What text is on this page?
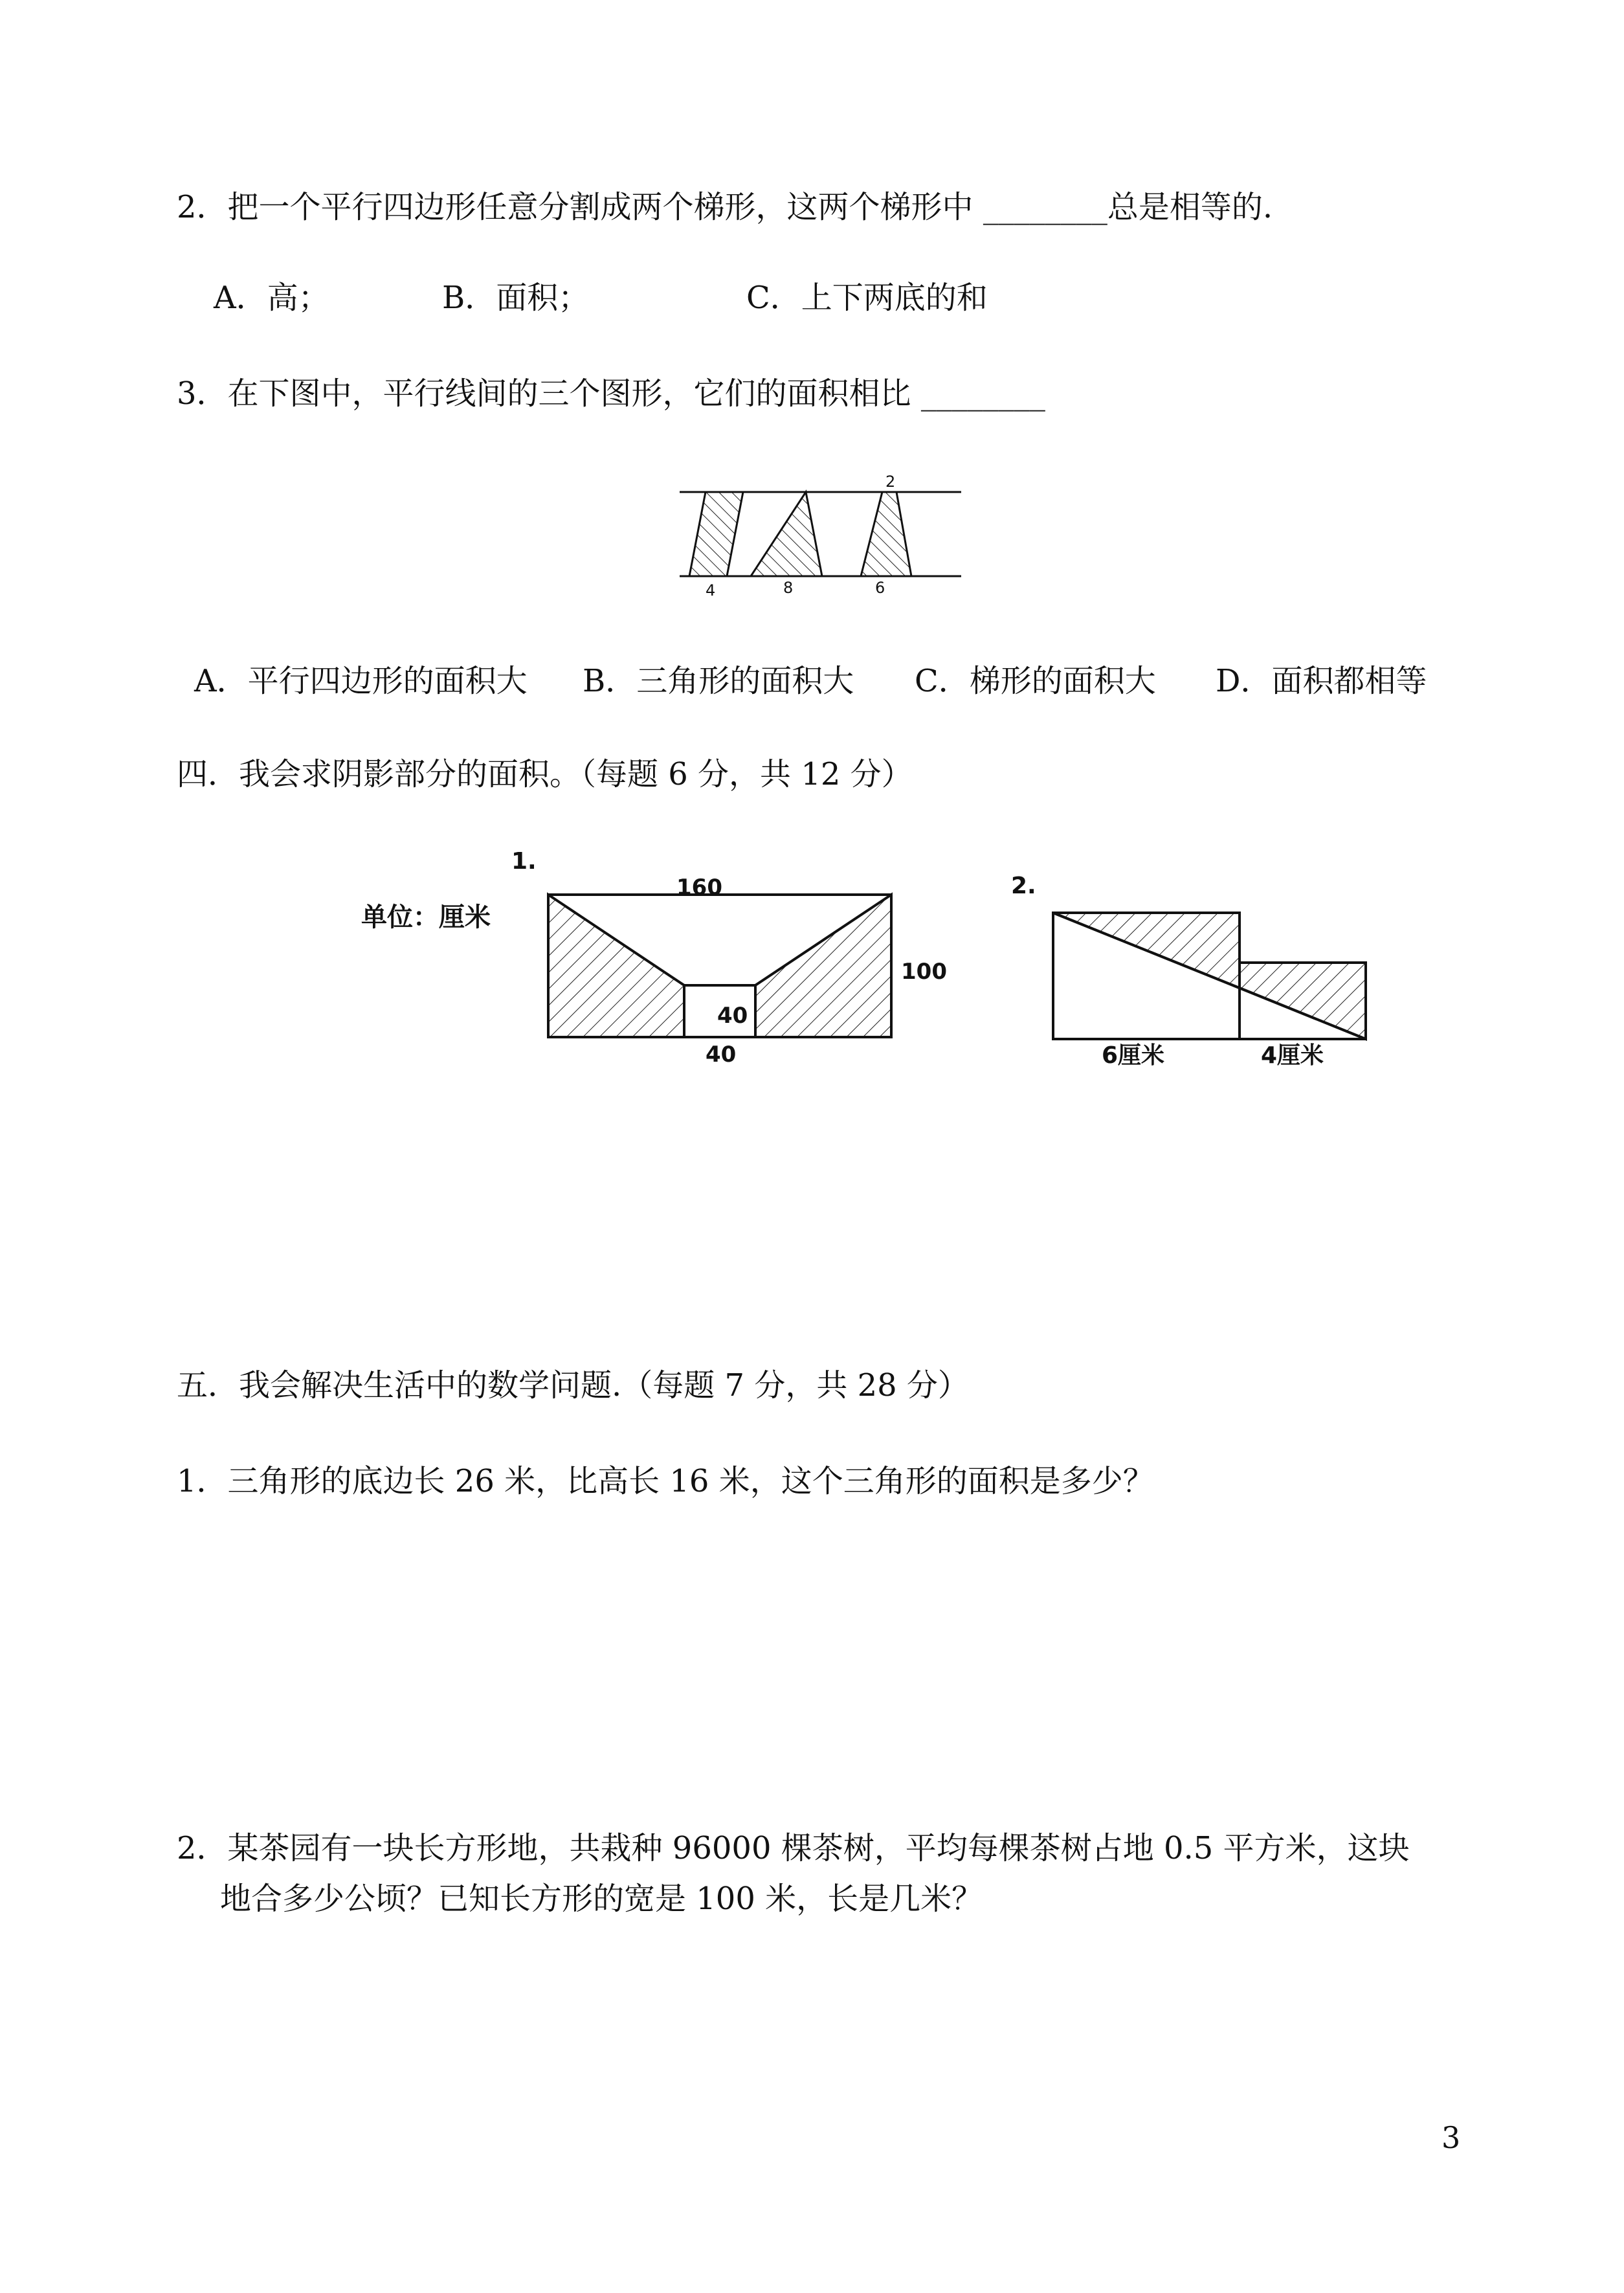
2．把一个平行四边形任意分割成两个梯形，这两个梯形中 ________总是相等的.
A．高；	B．面积；	C．上下两底的和
3．在下图中，平行线间的三个图形，它们的面积相比 ________
2
4	8	6
A．平行四边形的面积大 B．三角形的面积大 C．梯形的面积大 D．面积都相等
四．我会求阴影部分的面积。（每题 6 分，共 12 分）
1.
单位：厘米
160
100
40
40
2.
6厘米	4厘米
五．我会解决生活中的数学问题.（每题 7 分，共 28 分）
1．三角形的底边长 26 米，比高长 16 米，这个三角形的面积是多少？
2．某茶园有一块长方形地，共栽种 96000 棵茶树，平均每棵茶树占地 0.5 平方米，这块
地合多少公顷？已知长方形的宽是 100 米，长是几米？
3
